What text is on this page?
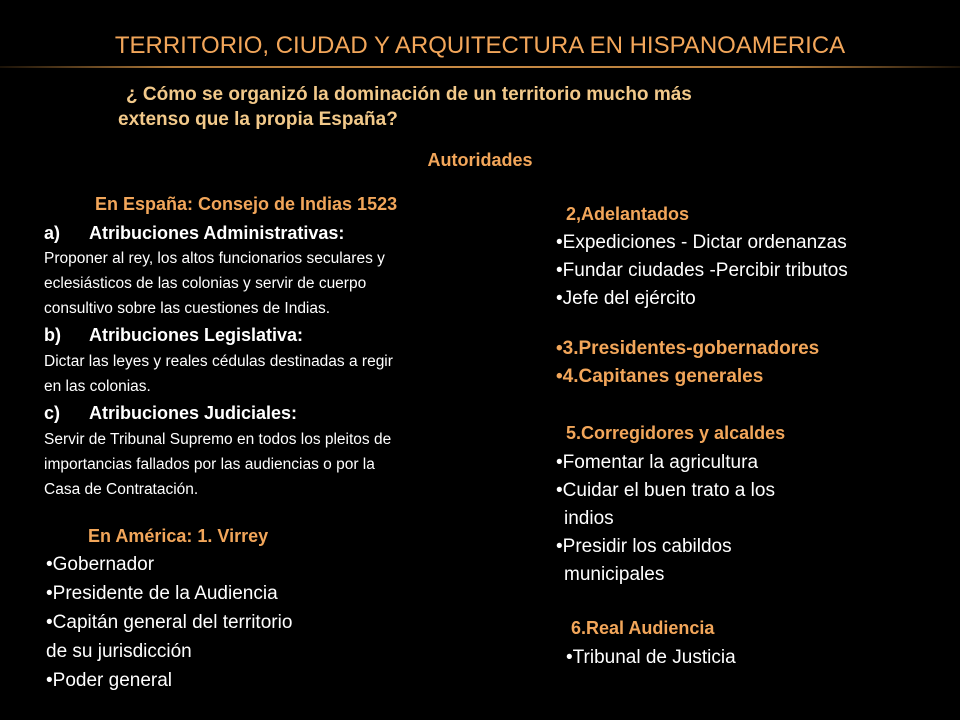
TERRITORIO, CIUDAD Y ARQUITECTURA EN HISPANOAMERICA
¿ Cómo se organizó la dominación de un territorio mucho más
extenso que la propia España?
Autoridades
En España: Consejo de Indias 1523
a) Atribuciones Administrativas:
Proponer al rey, los altos funcionarios seculares y
eclesiásticos de las colonias y servir de cuerpo
consultivo sobre las cuestiones de Indias.
b) Atribuciones Legislativa:
Dictar las leyes y reales cédulas destinadas a regir
en las colonias.
c) Atribuciones Judiciales:
Servir de Tribunal Supremo en todos los pleitos de
importancias fallados por las audiencias o por la
Casa de Contratación.
En América: 1. Virrey
•Gobernador
•Presidente de la Audiencia
•Capitán general del territorio
de su jurisdicción
•Poder general
2,Adelantados
•Expediciones - Dictar ordenanzas
•Fundar ciudades -Percibir tributos
•Jefe del ejército
•3.Presidentes-gobernadores
•4.Capitanes generales
5.Corregidores y alcaldes
•Fomentar la agricultura
•Cuidar el buen trato a los
indios
•Presidir los cabildos
municipales
6.Real Audiencia
•Tribunal de Justicia
